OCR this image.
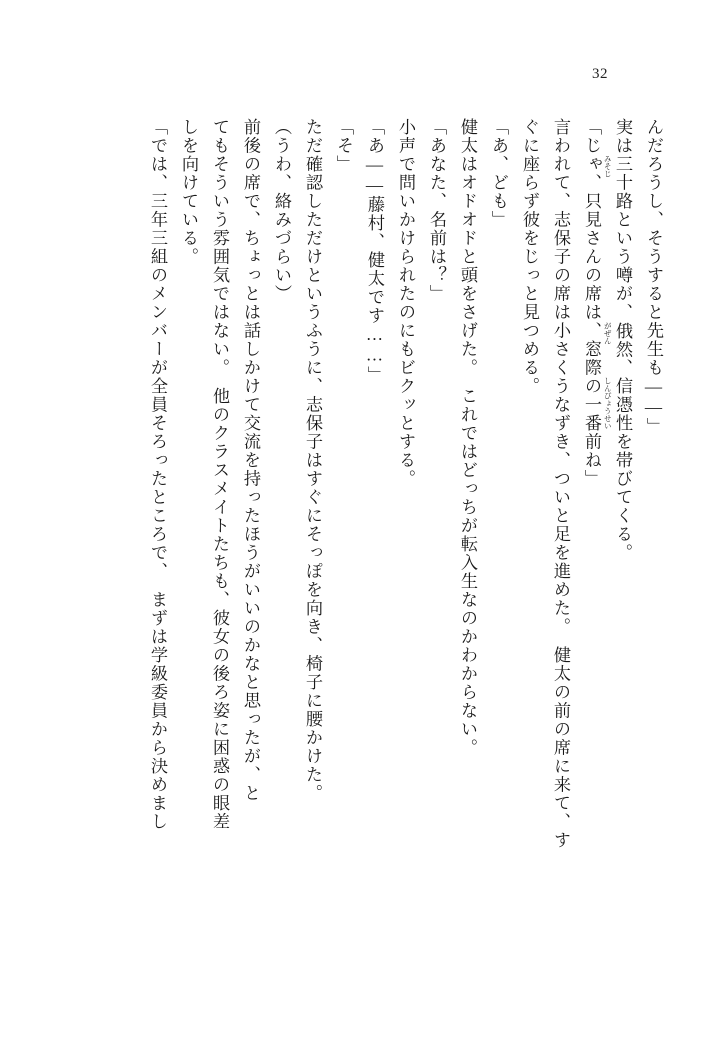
32
んだろうし、そうすると先生も――」
実は三十路
みそじ
という噂が、俄然
がぜん
、信憑性
しんぴょうせい
を帯びてくる。
「じゃ、只見さんの席は、窓際の一番前ね」
言われて、志保子の席は小さくうなずき、ついと足を進めた。　健太の前の席に来て、す
ぐに座らず彼をじっと見つめる。
「あ、ども」
健太はオドオドと頭をさげた。　これではどっちが転入生なのかわからない。
「あなた、名前は？」
小声で問いかけられたのにもビクッとする。
「あ――藤村、健太です……」
「そ」
ただ確認しただけというふうに、志保子はすぐにそっぽを向き、椅子に腰かけた。
（うわ、絡みづらい）
前後の席で、ちょっとは話しかけて交流を持ったほうがいいのかなと思ったが、と
てもそういう雰囲気ではない。　他のクラスメイトたちも、彼女の後ろ姿に困惑の眼差
しを向けている。
「では、三年三組のメンバーが全員そろったところで、　まずは学級委員から決めまし
